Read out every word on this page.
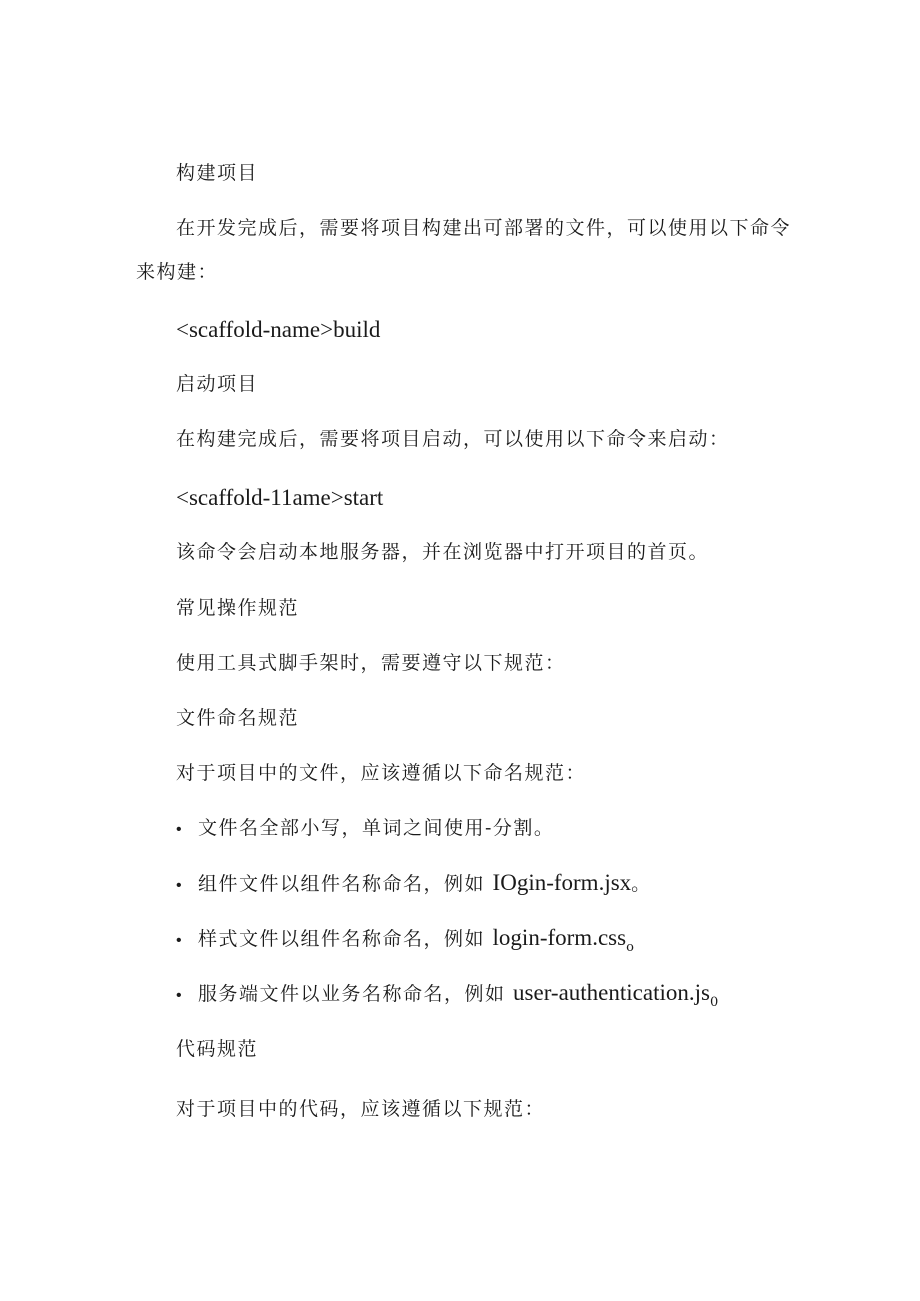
构建项目
在开发完成后，需要将项目构建出可部署的文件，可以使用以下命令来构建：
<scaffold-name>build
启动项目
在构建完成后，需要将项目启动，可以使用以下命令来启动：
<scaffold-11ame>start
该命令会启动本地服务器，并在浏览器中打开项目的首页。
常见操作规范
使用工具式脚手架时，需要遵守以下规范：
文件命名规范
对于项目中的文件，应该遵循以下命名规范：
• 文件名全部小写，单词之间使用-分割。
• 组件文件以组件名称命名，例如 IOgin-form.jsx。
• 样式文件以组件名称命名，例如 login-form.css$_o$
• 服务端文件以业务名称命名，例如 user-$authentication.js_0$
代码规范
对于项目中的代码，应该遵循以下规范：
